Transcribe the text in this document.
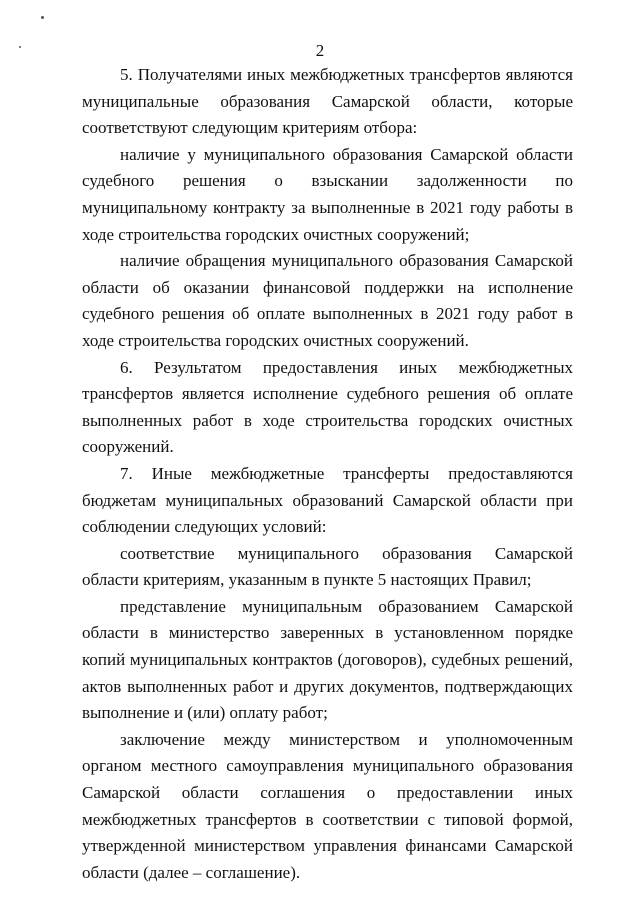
2

5. Получателями иных межбюджетных трансфертов являются муниципальные образования Самарской области, которые соответствуют следующим критериям отбора:

наличие у муниципального образования Самарской области судебного решения о взыскании задолженности по муниципальному контракту за выполненные в 2021 году работы в ходе строительства городских очистных сооружений;

наличие обращения муниципального образования Самарской области об оказании финансовой поддержки на исполнение судебного решения об оплате выполненных в 2021 году работ в ходе строительства городских очистных сооружений.

6. Результатом предоставления иных межбюджетных трансфертов является исполнение судебного решения об оплате выполненных работ в ходе строительства городских очистных сооружений.

7. Иные межбюджетные трансферты предоставляются бюджетам муниципальных образований Самарской области при соблюдении следующих условий:

соответствие муниципального образования Самарской области критериям, указанным в пункте 5 настоящих Правил;

представление муниципальным образованием Самарской области в министерство заверенных в установленном порядке копий муниципальных контрактов (договоров), судебных решений, актов выполненных работ и других документов, подтверждающих выполнение и (или) оплату работ;

заключение между министерством и уполномоченным органом местного самоуправления муниципального образования Самарской области соглашения о предоставлении иных межбюджетных трансфертов в соответствии с типовой формой, утвержденной министерством управления финансами Самарской области (далее – соглашение).
